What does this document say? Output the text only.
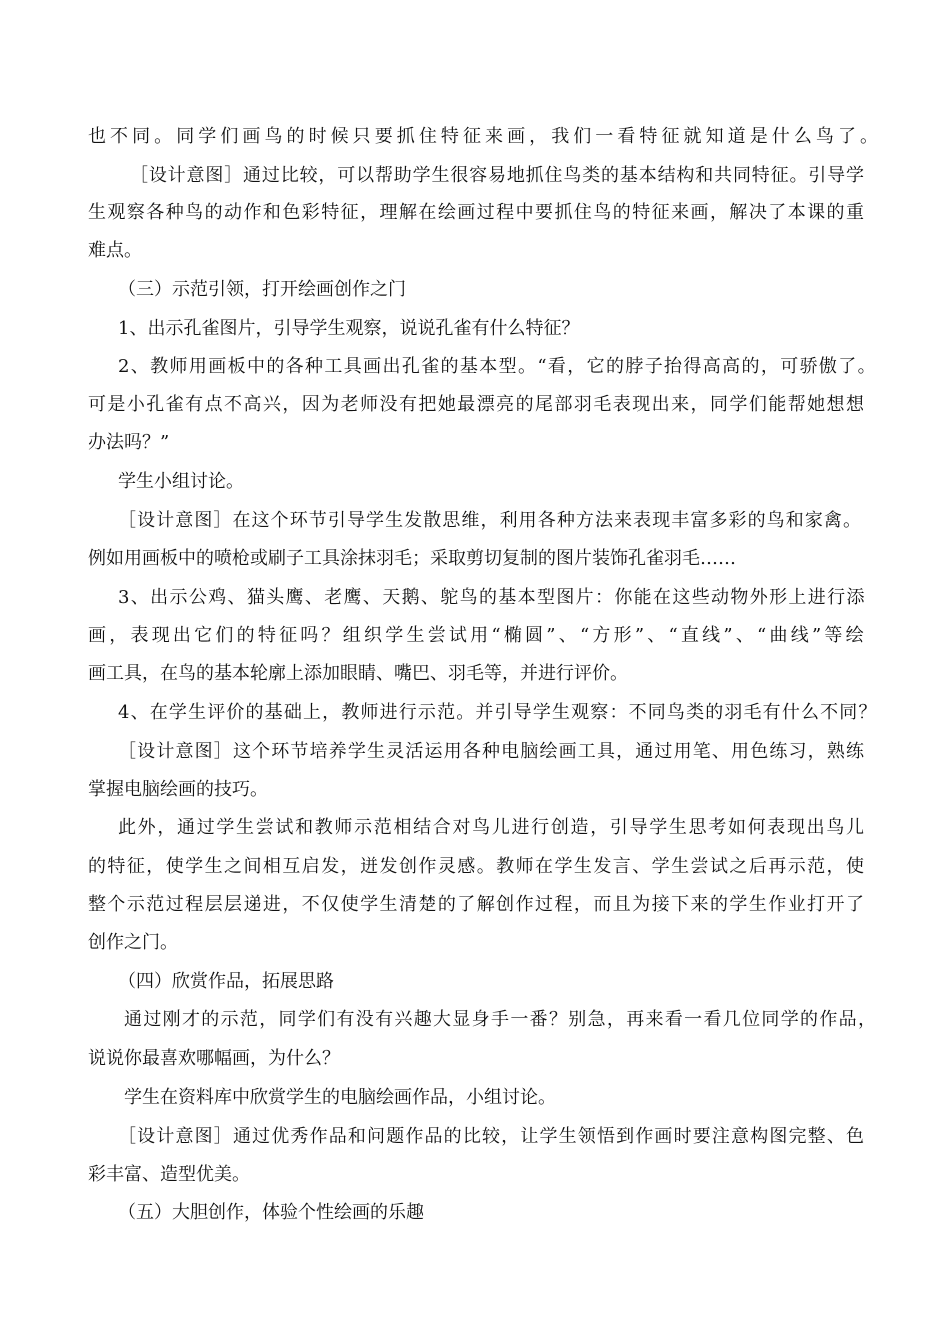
也不同。同学们画鸟的时候只要抓住特征来画，我们一看特征就知道是什么鸟了。
［设计意图］通过比较，可以帮助学生很容易地抓住鸟类的基本结构和共同特征。引导学
生观察各种鸟的动作和色彩特征，理解在绘画过程中要抓住鸟的特征来画，解决了本课的重
难点。
（三）示范引领，打开绘画创作之门
1、出示孔雀图片，引导学生观察，说说孔雀有什么特征？
2、教师用画板中的各种工具画出孔雀的基本型。“看，它的脖子抬得高高的，可骄傲了。
可是小孔雀有点不高兴，因为老师没有把她最漂亮的尾部羽毛表现出来，同学们能帮她想想
办法吗？”
学生小组讨论。
［设计意图］在这个环节引导学生发散思维，利用各种方法来表现丰富多彩的鸟和家禽。
例如用画板中的喷枪或刷子工具涂抹羽毛；采取剪切复制的图片装饰孔雀羽毛……
3、出示公鸡、猫头鹰、老鹰、天鹅、鸵鸟的基本型图片：你能在这些动物外形上进行添
画，表现出它们的特征吗？组织学生尝试用“椭圆”、“方形”、“直线”、“曲线”等绘
画工具，在鸟的基本轮廓上添加眼睛、嘴巴、羽毛等，并进行评价。
4、在学生评价的基础上，教师进行示范。并引导学生观察：不同鸟类的羽毛有什么不同？
［设计意图］这个环节培养学生灵活运用各种电脑绘画工具，通过用笔、用色练习，熟练
掌握电脑绘画的技巧。
此外，通过学生尝试和教师示范相结合对鸟儿进行创造，引导学生思考如何表现出鸟儿
的特征，使学生之间相互启发，迸发创作灵感。教师在学生发言、学生尝试之后再示范，使
整个示范过程层层递进，不仅使学生清楚的了解创作过程，而且为接下来的学生作业打开了
创作之门。
（四）欣赏作品，拓展思路
通过刚才的示范，同学们有没有兴趣大显身手一番？别急，再来看一看几位同学的作品，
说说你最喜欢哪幅画，为什么？
学生在资料库中欣赏学生的电脑绘画作品，小组讨论。
［设计意图］通过优秀作品和问题作品的比较，让学生领悟到作画时要注意构图完整、色
彩丰富、造型优美。
（五）大胆创作，体验个性绘画的乐趣
